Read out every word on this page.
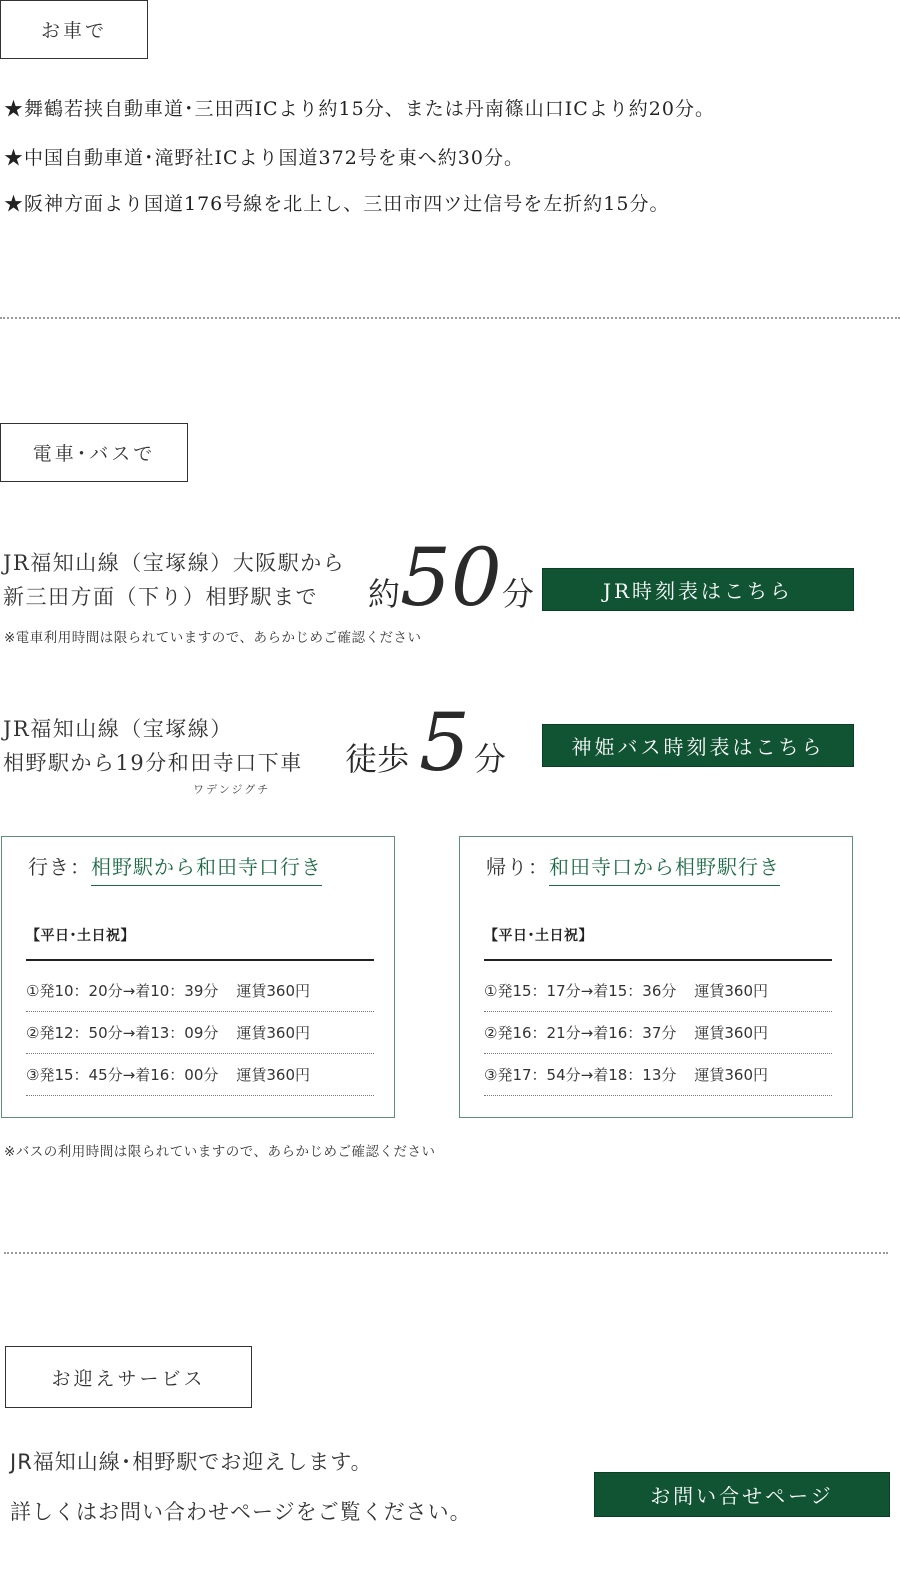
お車で
★舞鶴若挟自動車道･三田西ICより約15分、または丹南篠山口ICより約20分。
★中国自動車道･滝野社ICより国道372号を東へ約30分。
★阪神方面より国道176号線を北上し、三田市四ツ辻信号を左折約15分。
電車･バスで
JR福知山線（宝塚線）大阪駅から
新三田方面（下り）相野駅まで 約 50 分	JR時刻表はこちら
※電車利用時間は限られていますので、あらかじめご確認ください
JR福知山線（宝塚線）
相野駅から19分和田寺口下車
ワデンジグチ
徒歩 5 分	神姫バス時刻表はこちら
行き：相野駅から和田寺口行き
【平日･土日祝】
①発10：20分→着10：39分 運賃360円
②発12：50分→着13：09分 運賃360円
③発15：45分→着16：00分 運賃360円
帰り：和田寺口から相野駅行き
【平日･土日祝】
①発15：17分→着15：36分 運賃360円
②発16：21分→着16：37分 運賃360円
③発17：54分→着18：13分 運賃360円
※バスの利用時間は限られていますので、あらかじめご確認ください
お迎えサービス
JR福知山線･相野駅でお迎えします。
詳しくはお問い合わせページをご覧ください。
お問い合せページ
